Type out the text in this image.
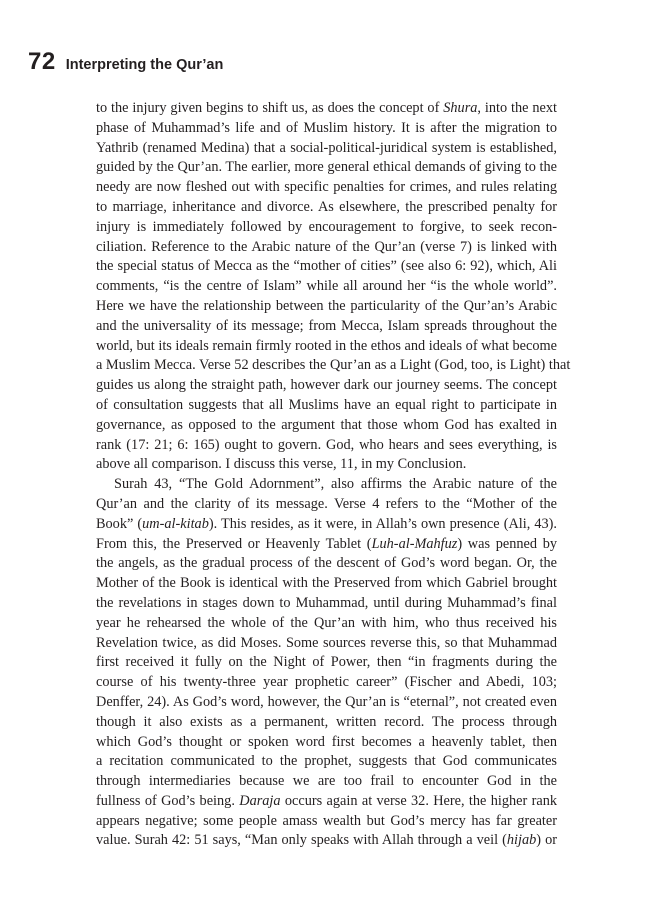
72 Interpreting the Qur’an
to the injury given begins to shift us, as does the concept of Shura, into the next
phase of Muhammad’s life and of Muslim history. It is after the migration to
Yathrib (renamed Medina) that a social-political-juridical system is established,
guided by the Qur’an. The earlier, more general ethical demands of giving to the
needy are now fleshed out with specific penalties for crimes, and rules relating
to marriage, inheritance and divorce. As elsewhere, the prescribed penalty for
injury is immediately followed by encouragement to forgive, to seek recon-
ciliation. Reference to the Arabic nature of the Qur’an (verse 7) is linked with
the special status of Mecca as the “mother of cities” (see also 6: 92), which, Ali
comments, “is the centre of Islam” while all around her “is the whole world”.
Here we have the relationship between the particularity of the Qur’an’s Arabic
and the universality of its message; from Mecca, Islam spreads throughout the
world, but its ideals remain firmly rooted in the ethos and ideals of what become
a Muslim Mecca. Verse 52 describes the Qur’an as a Light (God, too, is Light) that
guides us along the straight path, however dark our journey seems. The concept
of consultation suggests that all Muslims have an equal right to participate in
governance, as opposed to the argument that those whom God has exalted in
rank (17: 21; 6: 165) ought to govern. God, who hears and sees everything, is
above all comparison. I discuss this verse, 11, in my Conclusion.
Surah 43, “The Gold Adornment”, also affirms the Arabic nature of the
Qur’an and the clarity of its message. Verse 4 refers to the “Mother of the
Book” (um-al-kitab). This resides, as it were, in Allah’s own presence (Ali, 43).
From this, the Preserved or Heavenly Tablet (Luh-al-Mahfuz) was penned by
the angels, as the gradual process of the descent of God’s word began. Or, the
Mother of the Book is identical with the Preserved from which Gabriel brought
the revelations in stages down to Muhammad, until during Muhammad’s final
year he rehearsed the whole of the Qur’an with him, who thus received his
Revelation twice, as did Moses. Some sources reverse this, so that Muhammad
first received it fully on the Night of Power, then “in fragments during the
course of his twenty-three year prophetic career” (Fischer and Abedi, 103;
Denffer, 24). As God’s word, however, the Qur’an is “eternal”, not created even
though it also exists as a permanent, written record. The process through
which God’s thought or spoken word first becomes a heavenly tablet, then
a recitation communicated to the prophet, suggests that God communicates
through intermediaries because we are too frail to encounter God in the
fullness of God’s being. Daraja occurs again at verse 32. Here, the higher rank
appears negative; some people amass wealth but God’s mercy has far greater
value. Surah 42: 51 says, “Man only speaks with Allah through a veil (hijab) or
